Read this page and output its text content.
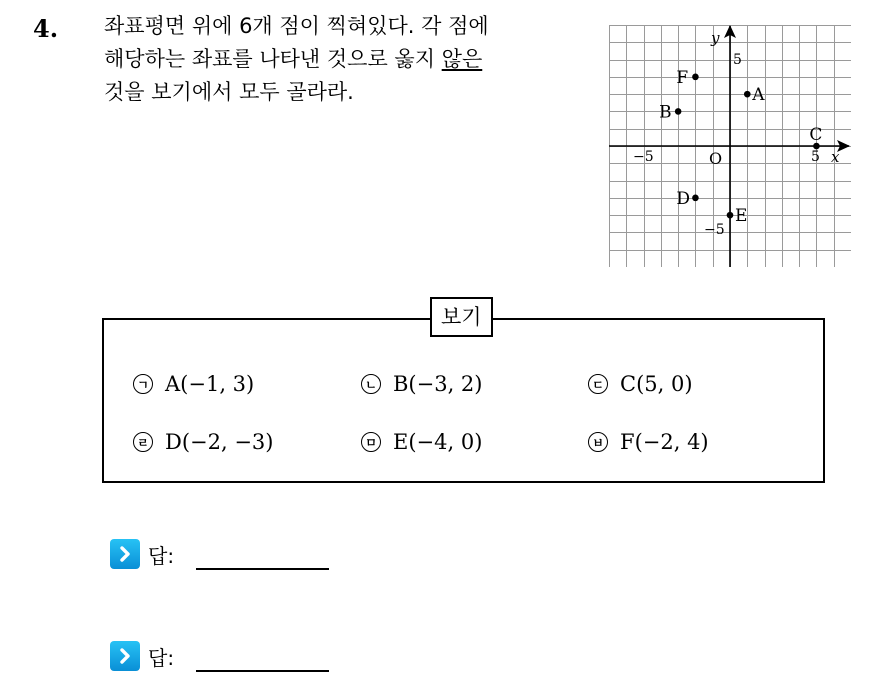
4. 좌표평면 위에 6개 점이 찍혀있다. 각 점에
해당하는 좌표를 나타낸 것으로 옳지 않은
것을 보기에서 모두 골라라.
x
y
O
−5	5
5
−5
A
B
C
D
E
F
보기
ㄱ A(−1, 3)	ㄴ B(−3, 2)	ㄷ C(5, 0)
ㄹ D(−2, −3)	ㅁ E(−4, 0)	ㅂ F(−2, 4)
답:
답:
